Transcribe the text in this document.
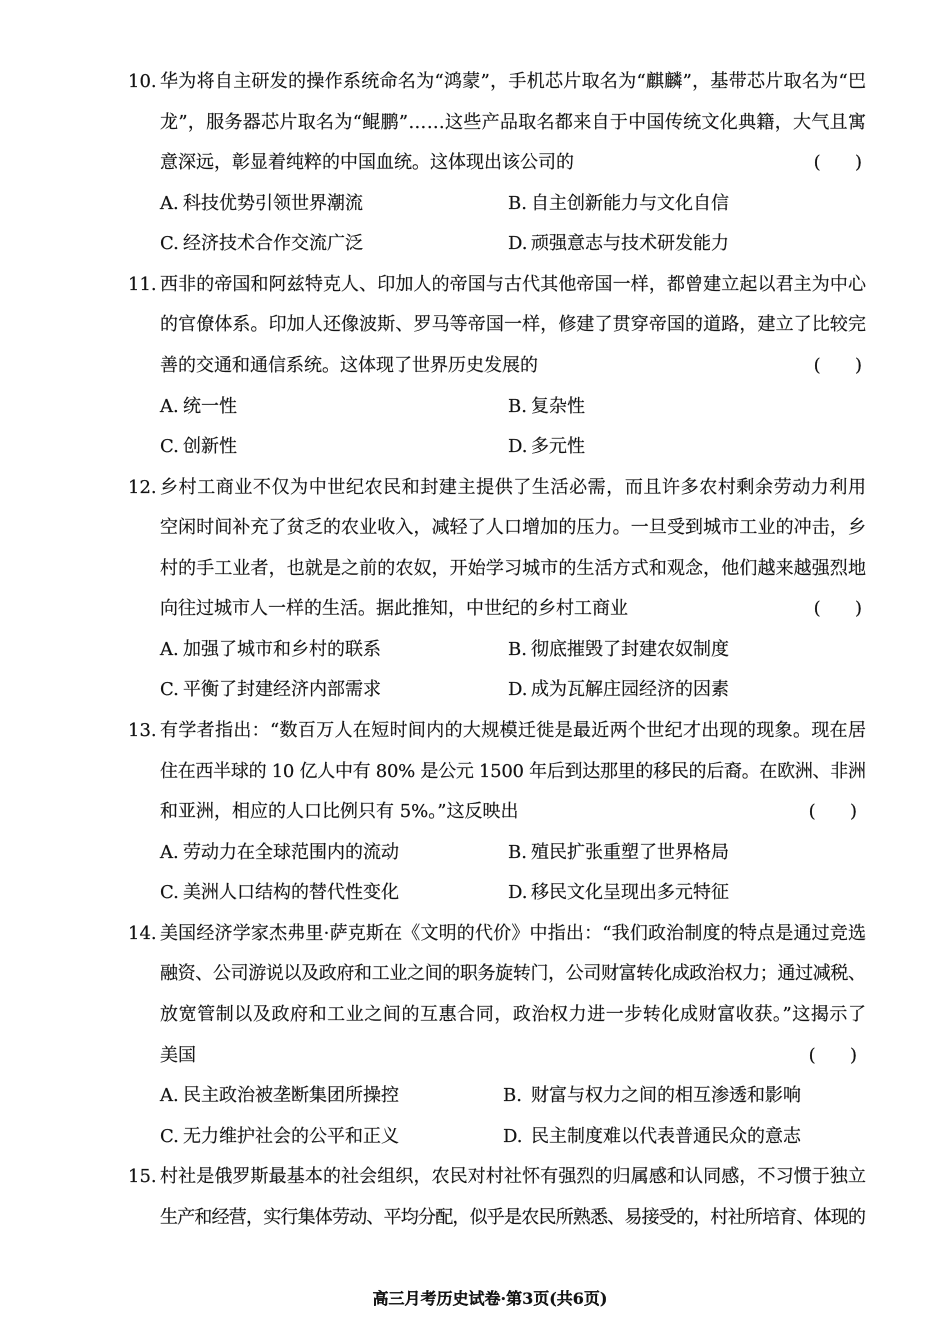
10. 华为将自主研发的操作系统命名为“鸿蒙”，手机芯片取名为“麒麟”，基带芯片取名为“巴
龙”，服务器芯片取名为“鲲鹏”……这些产品取名都来自于中国传统文化典籍，大气且寓
意深远，彰显着纯粹的中国血统。这体现出该公司的	(      )
A. 科技优势引领世界潮流	B. 自主创新能力与文化自信
C. 经济技术合作交流广泛	D. 顽强意志与技术研发能力
11. 西非的帝国和阿兹特克人、印加人的帝国与古代其他帝国一样，都曾建立起以君主为中心
的官僚体系。印加人还像波斯、罗马等帝国一样，修建了贯穿帝国的道路，建立了比较完
善的交通和通信系统。这体现了世界历史发展的	(      )
A. 统一性	B. 复杂性
C. 创新性	D. 多元性
12. 乡村工商业不仅为中世纪农民和封建主提供了生活必需，而且许多农村剩余劳动力利用
空闲时间补充了贫乏的农业收入，减轻了人口增加的压力。一旦受到城市工业的冲击，乡
村的手工业者，也就是之前的农奴，开始学习城市的生活方式和观念，他们越来越强烈地
向往过城市人一样的生活。据此推知，中世纪的乡村工商业	(      )
A. 加强了城市和乡村的联系	B. 彻底摧毁了封建农奴制度
C. 平衡了封建经济内部需求	D. 成为瓦解庄园经济的因素
13. 有学者指出：“数百万人在短时间内的大规模迁徙是最近两个世纪才出现的现象。现在居
住在西半球的 10 亿人中有 80% 是公元 1500 年后到达那里的移民的后裔。在欧洲、非洲
和亚洲，相应的人口比例只有 5%。”这反映出	(      )
A. 劳动力在全球范围内的流动	B. 殖民扩张重塑了世界格局
C. 美洲人口结构的替代性变化	D. 移民文化呈现出多元特征
14. 美国经济学家杰弗里·萨克斯在《文明的代价》中指出：“我们政治制度的特点是通过竞选
融资、公司游说以及政府和工业之间的职务旋转门，公司财富转化成政治权力；通过减税、
放宽管制以及政府和工业之间的互惠合同，政治权力进一步转化成财富收获。”这揭示了
美国	(      )
A. 民主政治被垄断集团所操控	B. 财富与权力之间的相互渗透和影响
C. 无力维护社会的公平和正义	D. 民主制度难以代表普通民众的意志
15. 村社是俄罗斯最基本的社会组织，农民对村社怀有强烈的归属感和认同感，不习惯于独立
生产和经营，实行集体劳动、平均分配，似乎是农民所熟悉、易接受的，村社所培育、体现的
高三月考历史试卷·第3页(共6页)
